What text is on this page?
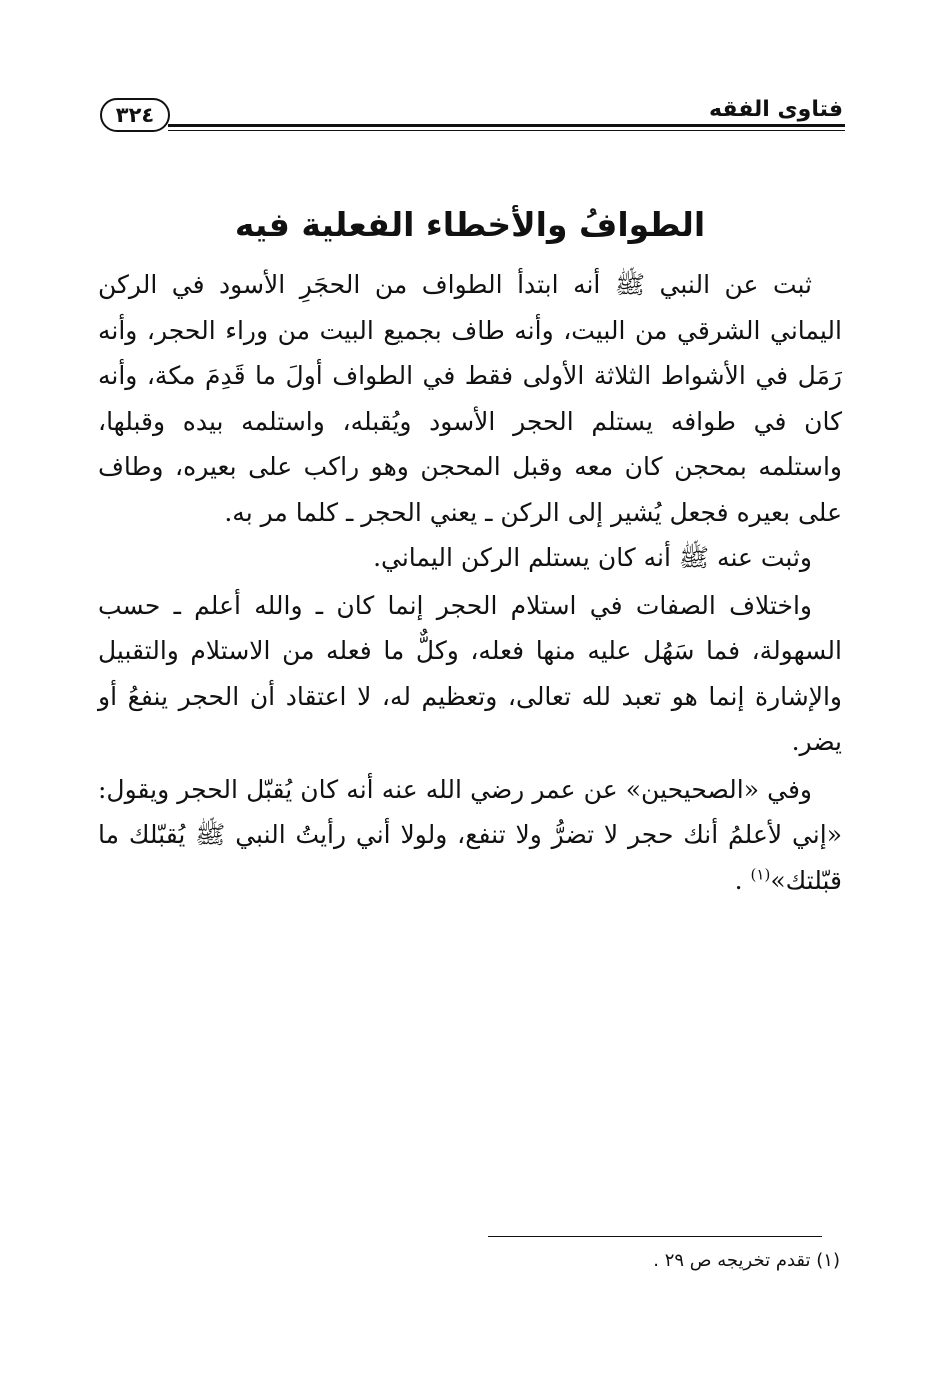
٣٢٤	فتاوى الفقه
الطوافُ والأخطاء الفعلية فيه

ثبت عن النبي ﷺ أنه ابتدأ الطواف من الحجَرِ الأسود في الركن اليماني الشرقي من البيت، وأنه طاف بجميع البيت من وراء الحجر، وأنه رَمَل في الأشواط الثلاثة الأولى فقط في الطواف أولَ ما قَدِمَ مكة، وأنه كان في طوافه يستلم الحجر الأسود ويُقبله، واستلمه بيده وقبلها، واستلمه بمحجن كان معه وقبل المحجن وهو راكب على بعيره، وطاف على بعيره فجعل يُشير إلى الركن ـ يعني الحجر ـ كلما مر به.

وثبت عنه ﷺ أنه كان يستلم الركن اليماني.

واختلاف الصفات في استلام الحجر إنما كان ـ والله أعلم ـ حسب السهولة، فما سَهُل عليه منها فعله، وكلٌّ ما فعله من الاستلام والتقبيل والإشارة إنما هو تعبد لله تعالى، وتعظيم له، لا اعتقاد أن الحجر ينفعُ أو يضر.

وفي «الصحيحين» عن عمر رضي الله عنه أنه كان يُقبّل الحجر ويقول: «إني لأعلمُ أنك حجر لا تضرُّ ولا تنفع، ولولا أني رأيتُ النبي ﷺ يُقبّلك ما قبّلتك»$^{(١)}$ .

(١) تقدم تخريجه ص ٢٩ .
